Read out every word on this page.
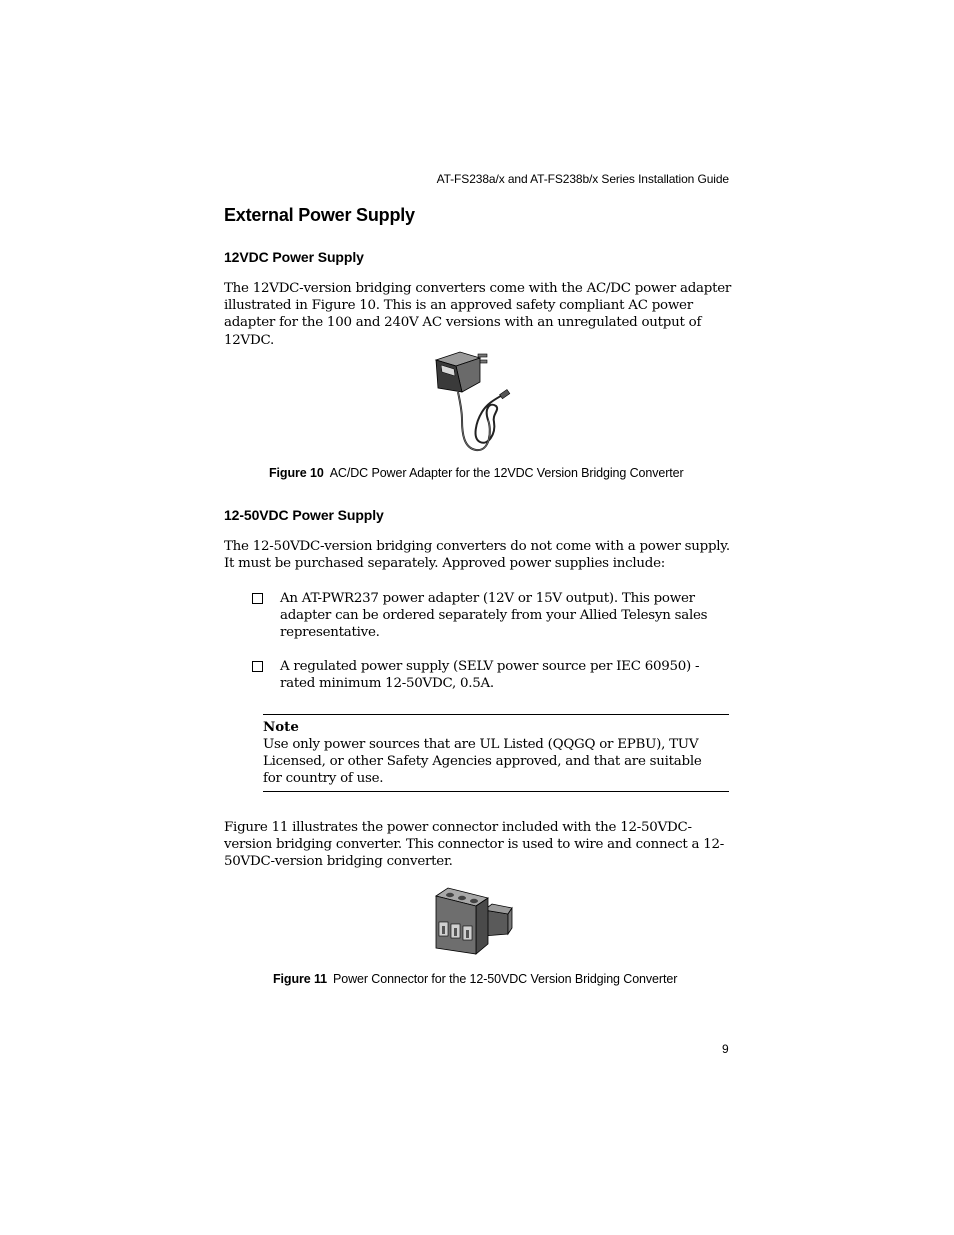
AT-FS238a/x and AT-FS238b/x Series Installation Guide
External Power Supply
12VDC Power Supply
The 12VDC-version bridging converters come with the AC/DC power adapter illustrated in Figure 10. This is an approved safety compliant AC power adapter for the 100 and 240V AC versions with an unregulated output of 12VDC.
Figure 10 AC/DC Power Adapter for the 12VDC Version Bridging Converter
12-50VDC Power Supply
The 12-50VDC-version bridging converters do not come with a power supply. It must be purchased separately. Approved power supplies include:
An AT-PWR237 power adapter (12V or 15V output). This power adapter can be ordered separately from your Allied Telesyn sales representative.
A regulated power supply (SELV power source per IEC 60950) - rated minimum 12-50VDC, 0.5A.
Note
Use only power sources that are UL Listed (QQGQ or EPBU), TUV Licensed, or other Safety Agencies approved, and that are suitable for country of use.
Figure 11 illustrates the power connector included with the 12-50VDC-version bridging converter. This connector is used to wire and connect a 12-50VDC-version bridging converter.
Figure 11 Power Connector for the 12-50VDC Version Bridging Converter
9
